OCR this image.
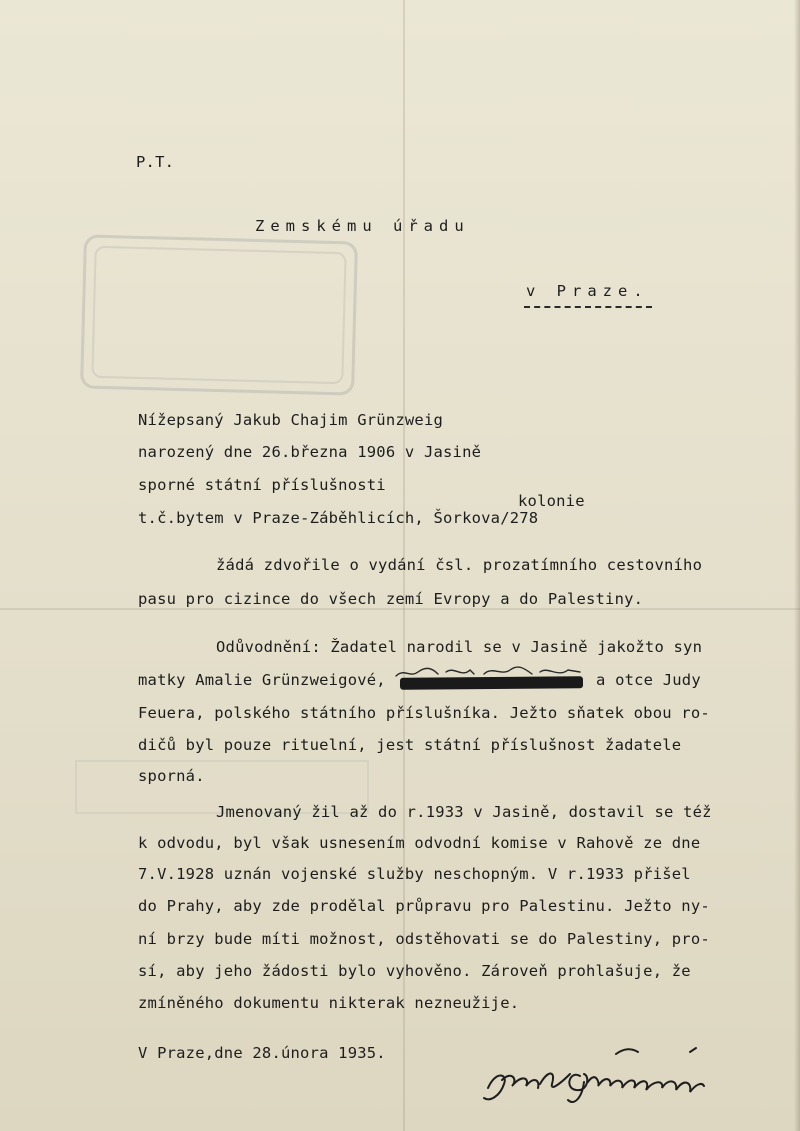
P.T.
Zemskému úřadu
v Praze.
Nížepsaný Jakub Chajim Grünzweig
narozený dne 26.března 1906 v Jasině
sporné státní příslušnosti
kolonie
t.č.bytem v Praze-Záběhlicích, Šorkova/278
žádá zdvořile o vydání čsl. prozatímního cestovního
pasu pro cizince do všech zemí Evropy a do Palestiny.
Odůvodnění: Žadatel narodil se v Jasině jakožto syn
matky Amalie Grünzweigové,	a otce Judy
Feuera, polského státního příslušníka. Ježto sňatek obou ro-
dičů byl pouze rituelní, jest státní příslušnost žadatele
sporná.
Jmenovaný žil až do r.1933 v Jasině, dostavil se též
k odvodu, byl však usnesením odvodní komise v Rahově ze dne
7.V.1928 uznán vojenské služby neschopným. V r.1933 přišel
do Prahy, aby zde prodělal průpravu pro Palestinu. Ježto ny-
ní brzy bude míti možnost, odstěhovati se do Palestiny, pro-
sí, aby jeho žádosti bylo vyhověno. Zároveň prohlašuje, že
zmíněného dokumentu nikterak nezneužije.
V Praze,dne 28.února 1935.
